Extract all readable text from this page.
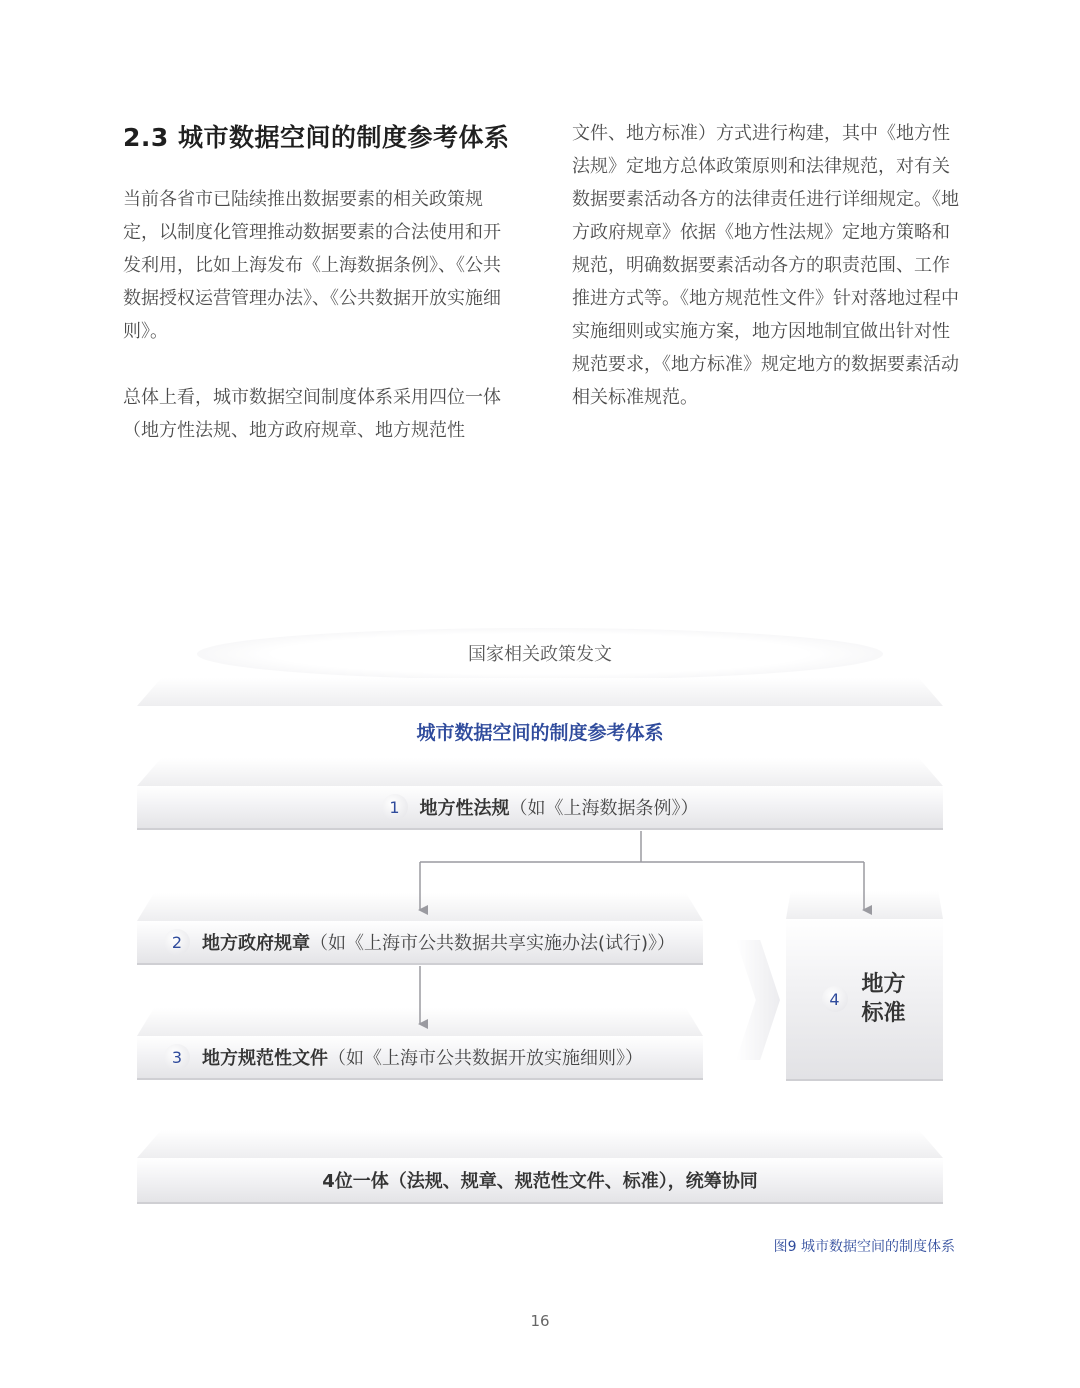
2.3 城市数据空间的制度参考体系

当前各省市已陆续推出数据要素的相关政策规定，以制度化管理推动数据要素的合法使用和开发利用，比如上海发布《上海数据条例》、《公共数据授权运营管理办法》、《公共数据开放实施细则》。

总体上看，城市数据空间制度体系采用四位一体（地方性法规、地方政府规章、地方规范性

文件、地方标准）方式进行构建，其中《地方性法规》定地方总体政策原则和法律规范，对有关数据要素活动各方的法律责任进行详细规定。《地方政府规章》依据《地方性法规》定地方策略和规范，明确数据要素活动各方的职责范围、工作推进方式等。《地方规范性文件》针对落地过程中实施细则或实施方案，地方因地制宜做出针对性规范要求，《地方标准》规定地方的数据要素活动相关标准规范。

国家相关政策发文
城市数据空间的制度参考体系
1	地方性法规 （如《上海数据条例》）
2	地方政府规章 （如《上海市公共数据共享实施办法(试行)》）
3	地方规范性文件 （如《上海市公共数据开放实施细则》）
4
地方标准
4位一体（法规、规章、规范性文件、标准），统筹协同
图9 城市数据空间的制度体系
16
